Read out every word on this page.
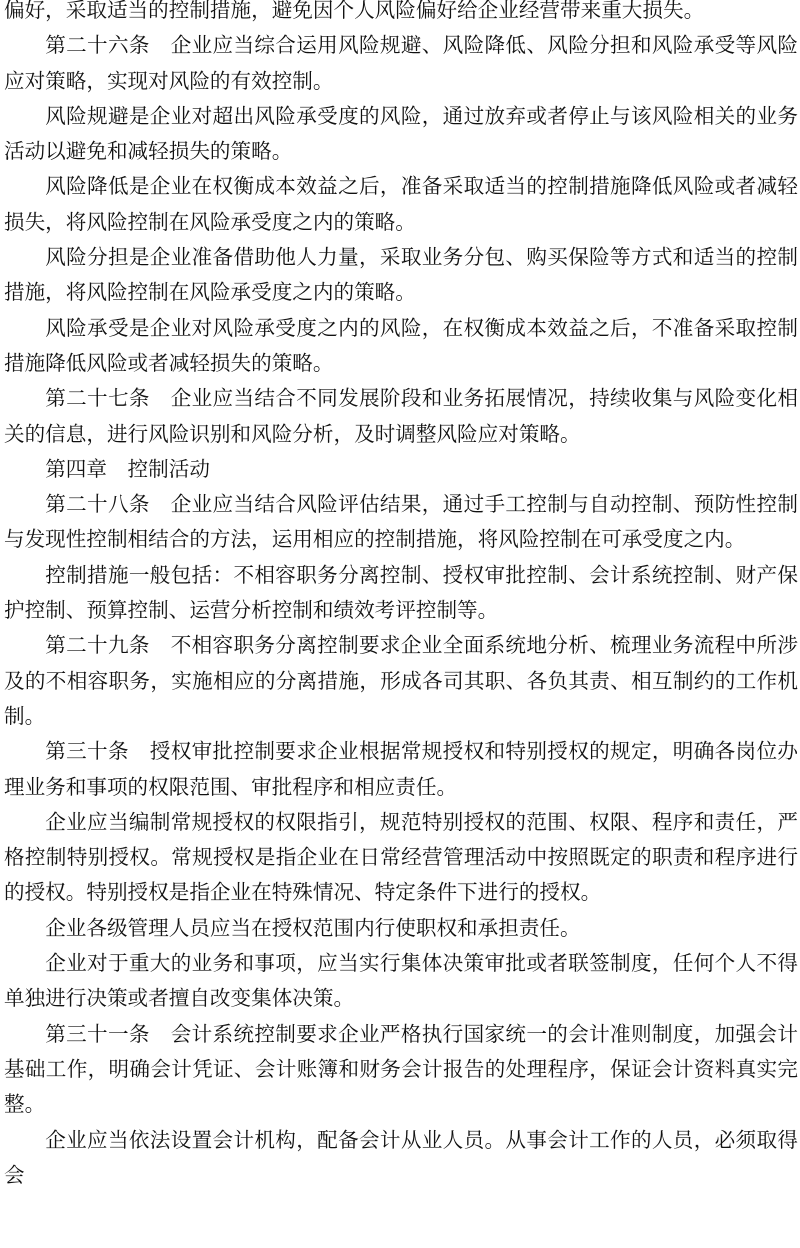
偏好，采取适当的控制措施，避免因个人风险偏好给企业经营带来重大损失。

第二十六条　企业应当综合运用风险规避、风险降低、风险分担和风险承受等风险应对策略，实现对风险的有效控制。

风险规避是企业对超出风险承受度的风险，通过放弃或者停止与该风险相关的业务活动以避免和减轻损失的策略。

风险降低是企业在权衡成本效益之后，准备采取适当的控制措施降低风险或者减轻损失，将风险控制在风险承受度之内的策略。

风险分担是企业准备借助他人力量，采取业务分包、购买保险等方式和适当的控制措施，将风险控制在风险承受度之内的策略。

风险承受是企业对风险承受度之内的风险，在权衡成本效益之后，不准备采取控制措施降低风险或者减轻损失的策略。

第二十七条　企业应当结合不同发展阶段和业务拓展情况，持续收集与风险变化相关的信息，进行风险识别和风险分析，及时调整风险应对策略。

第四章　控制活动

第二十八条　企业应当结合风险评估结果，通过手工控制与自动控制、预防性控制与发现性控制相结合的方法，运用相应的控制措施，将风险控制在可承受度之内。

控制措施一般包括：不相容职务分离控制、授权审批控制、会计系统控制、财产保护控制、预算控制、运营分析控制和绩效考评控制等。

第二十九条　不相容职务分离控制要求企业全面系统地分析、梳理业务流程中所涉及的不相容职务，实施相应的分离措施，形成各司其职、各负其责、相互制约的工作机制。

第三十条　授权审批控制要求企业根据常规授权和特别授权的规定，明确各岗位办理业务和事项的权限范围、审批程序和相应责任。

企业应当编制常规授权的权限指引，规范特别授权的范围、权限、程序和责任，严格控制特别授权。常规授权是指企业在日常经营管理活动中按照既定的职责和程序进行的授权。特别授权是指企业在特殊情况、特定条件下进行的授权。

企业各级管理人员应当在授权范围内行使职权和承担责任。

企业对于重大的业务和事项，应当实行集体决策审批或者联签制度，任何个人不得单独进行决策或者擅自改变集体决策。

第三十一条　会计系统控制要求企业严格执行国家统一的会计准则制度，加强会计基础工作，明确会计凭证、会计账簿和财务会计报告的处理程序，保证会计资料真实完整。

企业应当依法设置会计机构，配备会计从业人员。从事会计工作的人员，必须取得会
